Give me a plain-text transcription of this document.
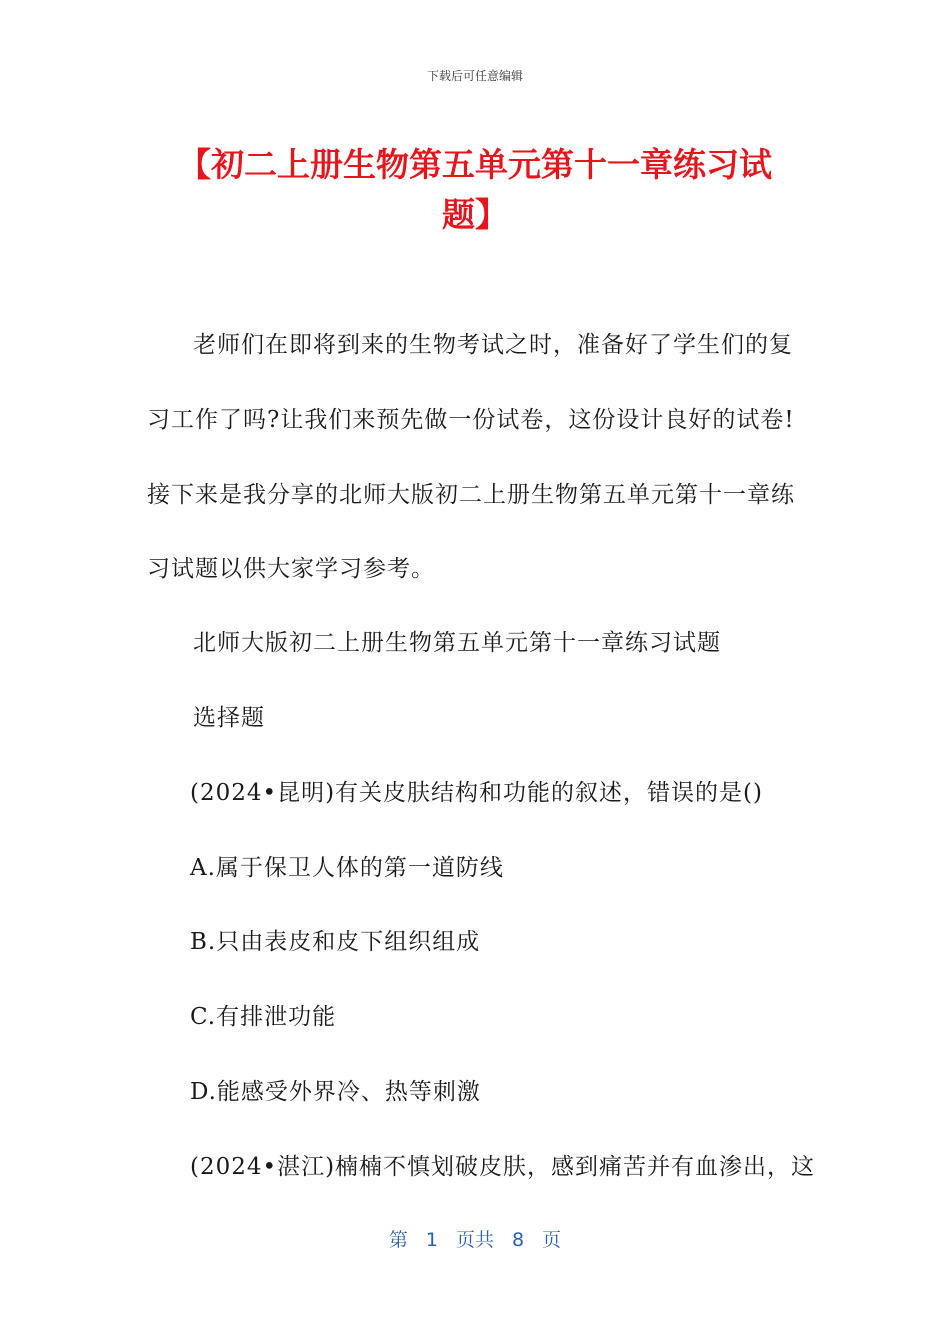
下载后可任意编辑
【初二上册生物第五单元第十一章练习试题】
老师们在即将到来的生物考试之时，准备好了学生们的复
习工作了吗?让我们来预先做一份试卷，这份设计良好的试卷!
接下来是我分享的北师大版初二上册生物第五单元第十一章练
习试题以供大家学习参考。
北师大版初二上册生物第五单元第十一章练习试题
选择题
(2024•昆明)有关皮肤结构和功能的叙述，错误的是()
A.属于保卫人体的第一道防线
B.只由表皮和皮下组织组成
C.有排泄功能
D.能感受外界冷、热等刺激
(2024•湛江)楠楠不慎划破皮肤，感到痛苦并有血渗出，这
第 1 页共 8 页
